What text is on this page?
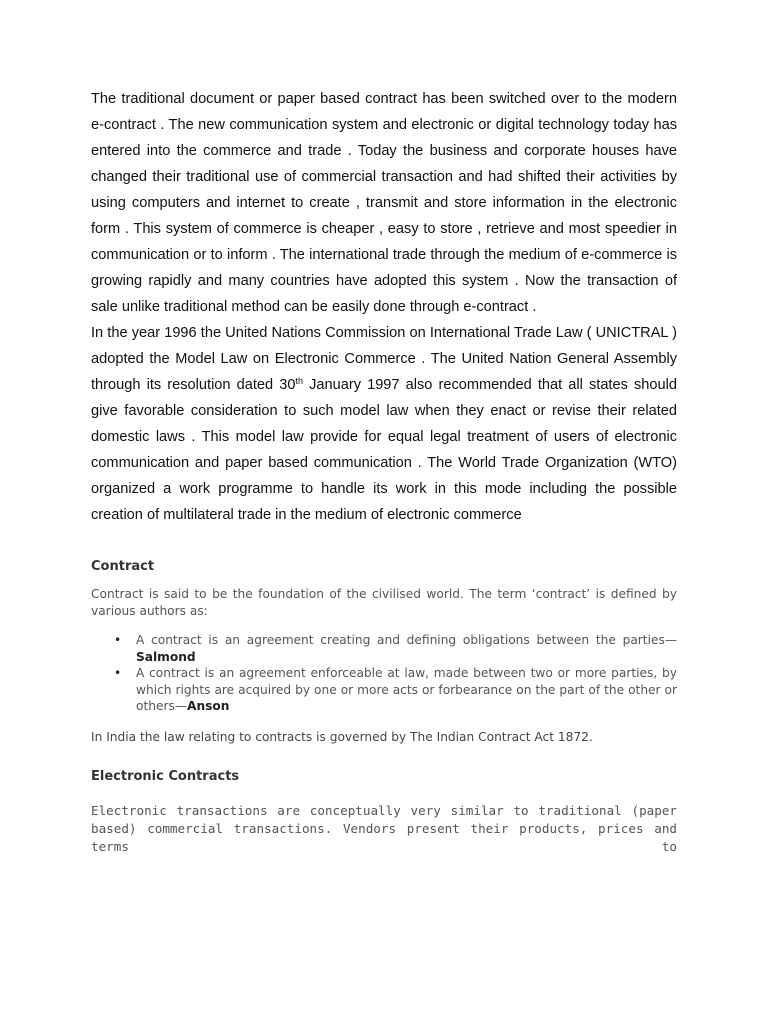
The traditional document or paper based contract has been switched over to the modern e-contract . The new communication system and electronic or digital technology today has entered into the commerce and trade . Today the business and corporate houses have changed their traditional use of commercial transaction and had shifted their activities by using computers and internet to create , transmit and store information in the electronic form . This system of commerce is cheaper , easy to store , retrieve and most speedier in communication or to inform . The international trade through the medium of e-commerce is growing rapidly and many countries have adopted this system . Now the transaction of sale unlike traditional method can be easily done through e-contract .

In the year 1996 the United Nations Commission on International Trade Law ( UNICTRAL ) adopted the Model Law on Electronic Commerce . The United Nation General Assembly through its resolution dated 30th January 1997 also recommended that all states should give favorable consideration to such model law when they enact or revise their related domestic laws . This model law provide for equal legal treatment of users of electronic communication and paper based communication . The World Trade Organization (WTO) organized a work programme to handle its work in this mode including the possible creation of multilateral trade in the medium of electronic commerce

Contract

Contract is said to be the foundation of the civilised world. The term ‘contract’ is defined by various authors as:

• A contract is an agreement creating and defining obligations between the parties—Salmond
• A contract is an agreement enforceable at law, made between two or more parties, by which rights are acquired by one or more acts or forbearance on the part of the other or others—Anson

In India the law relating to contracts is governed by The Indian Contract Act 1872.

Electronic Contracts

Electronic transactions are conceptually very similar to traditional (paper based) commercial transactions. Vendors present their products, prices and terms to
